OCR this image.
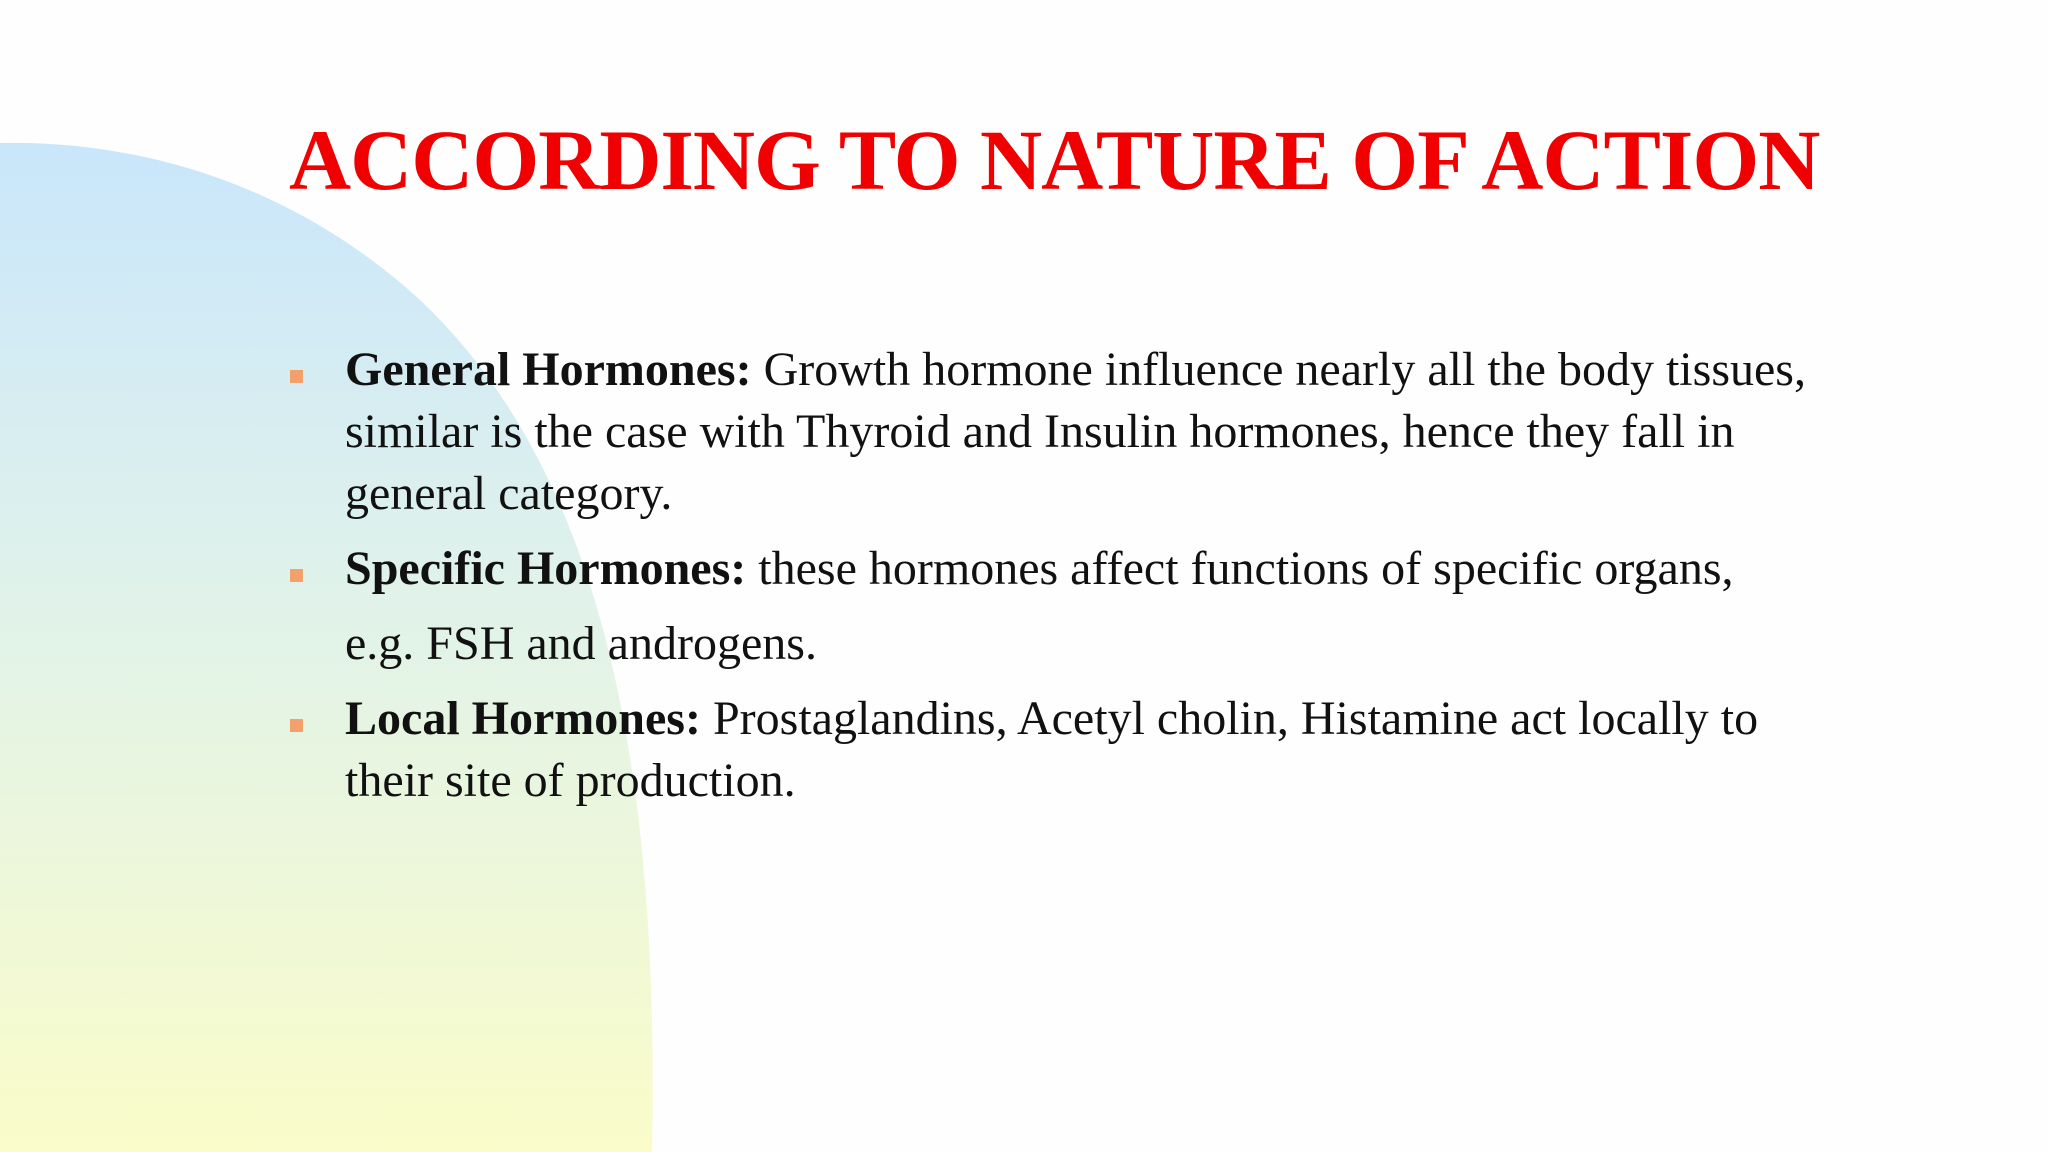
ACCORDING TO NATURE OF ACTION
General Hormones: Growth hormone influence nearly all the body tissues,
similar is the case with Thyroid and Insulin hormones, hence they fall in
general category.
Specific Hormones: these hormones affect functions of specific organs,
e.g. FSH and androgens.
Local Hormones: Prostaglandins, Acetyl cholin, Histamine act locally to
their site of production.
